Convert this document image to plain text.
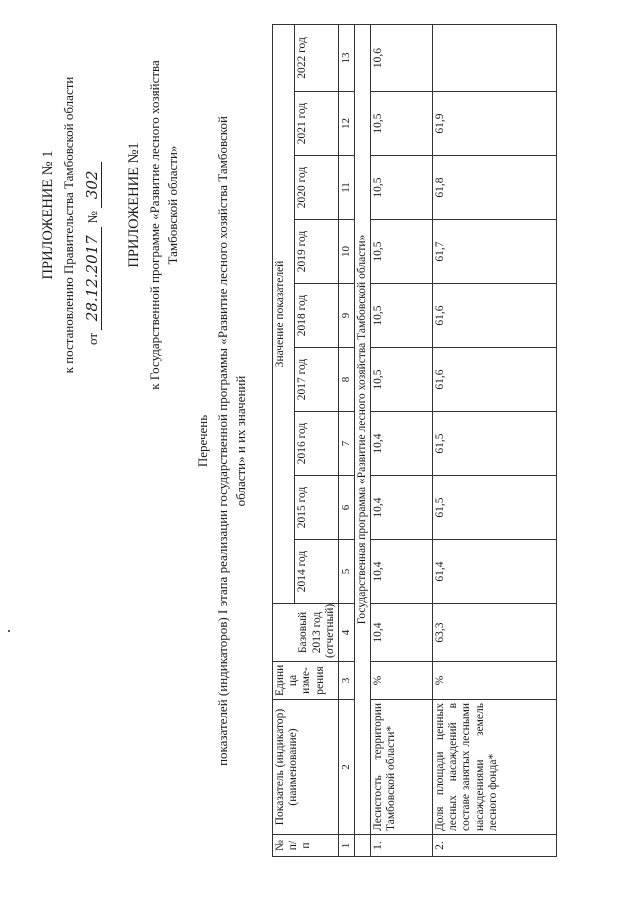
ПРИЛОЖЕНИЕ № 1 к постановлению Правительства Тамбовской области от 28.12.2017 № 302 ПРИЛОЖЕНИЕ №1 к Государственной программе «Развитие лесного хозяйства Тамбовской области»
Перечень показателей (индикаторов) I этапа реализации государственной программы «Развитие лесного хозяйства Тамбовской области» и их значений
№ п/п	Показатель (индикатор) (наименование)	Едини ца изме- рения	Базовый 2013 год (отчетный)	Значение показателей								
				2014 год	2015 год	2016 год	2017 год	2018 год	2019 год	2020 год	2021 год	2022 год
1	2	3	4	5	6	7	8	9	10	11	12	13
	Государственная программа «Развитие лесного хозяйства Тамбовской области»											
1.	Лесистость территории Тамбовской области*	%	10,4	10,4	10,4	10,4	10,5	10,5	10,5	10,5	10,5	10,6
2.	Доля площади ценных лесных насаждений в составе занятых лесными насаждениями земель лесного фонда*	%	63,3	61,4	61,5	61,5	61,6	61,6	61,7	61,8	61,9	
